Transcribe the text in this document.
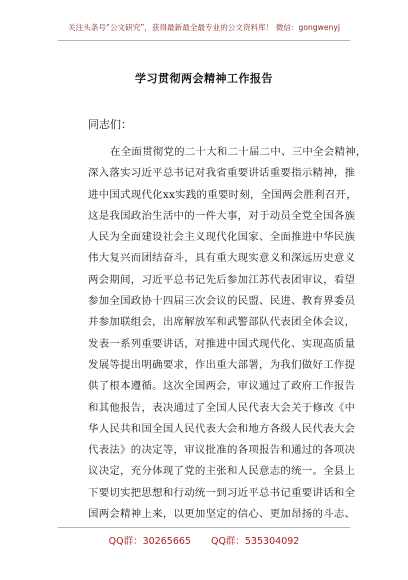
关注头条号“公文研究”，获得最新最全最专业的公文资料库！ 微信：gongwenyj
学习贯彻两会精神工作报告
同志们：
在全面贯彻党的二十大和二十届二中、三中全会精神，
深入落实习近平总书记对我省重要讲话重要指示精神，推
进中国式现代化xx实践的重要时刻，全国两会胜利召开，
这是我国政治生活中的一件大事，对于动员全党全国各族
人民为全面建设社会主义现代化国家、全面推进中华民族
伟大复兴而团结奋斗，具有重大现实意义和深远历史意义
两会期间，习近平总书记先后参加江苏代表团审议，看望
参加全国政协十四届三次会议的民盟、民进、教育界委员
并参加联组会，出席解放军和武警部队代表团全体会议，
发表一系列重要讲话，对推进中国式现代化、实现高质量
发展等提出明确要求，作出重大部署，为我们做好工作提
供了根本遵循。这次全国两会，审议通过了政府工作报告
和其他报告，表决通过了全国人民代表大会关于修改《中
华人民共和国全国人民代表大会和地方各级人民代表大会
代表法》的决定等，审议批准的各项报告和通过的各项决
议决定，充分体现了党的主张和人民意志的统一。全县上
下要切实把思想和行动统一到习近平总书记重要讲话和全
国两会精神上来，以更加坚定的信心、更加昂扬的斗志、
QQ群：30265665 QQ群：535304092
